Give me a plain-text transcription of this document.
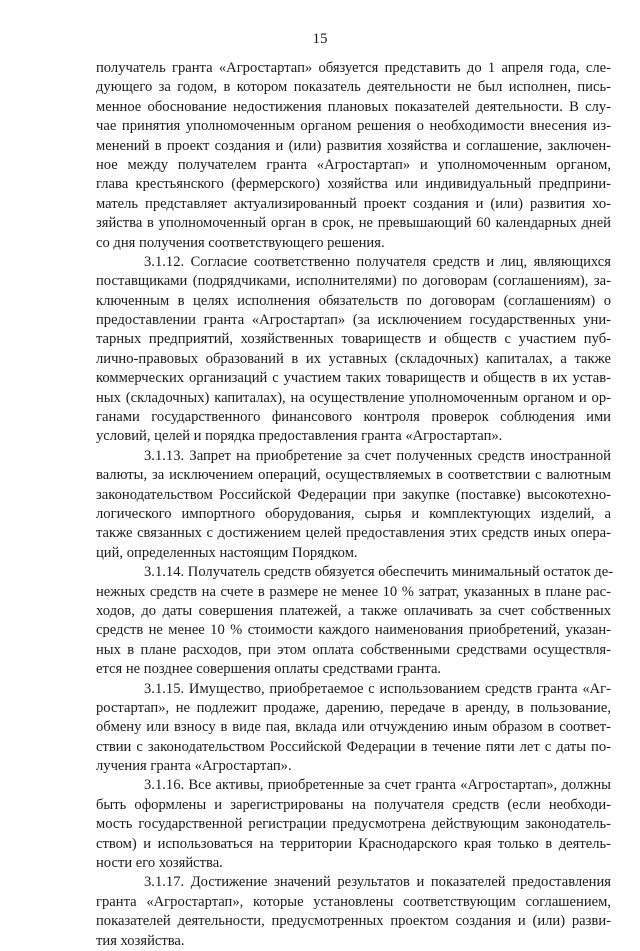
15
получатель гранта «Агростартап» обязуется представить до 1 апреля года, сле-
дующего за годом, в котором показатель деятельности не был исполнен, пись-
менное обоснование недостижения плановых показателей деятельности. В слу-
чае принятия уполномоченным органом решения о необходимости внесения из-
менений в проект создания и (или) развития хозяйства и соглашение, заключен-
ное между получателем гранта «Агростартап» и уполномоченным органом,
глава крестьянского (фермерского) хозяйства или индивидуальный предприни-
матель представляет актуализированный проект создания и (или) развития хо-
зяйства в уполномоченный орган в срок, не превышающий 60 календарных дней
со дня получения соответствующего решения.
3.1.12. Согласие соответственно получателя средств и лиц, являющихся
поставщиками (подрядчиками, исполнителями) по договорам (соглашениям), за-
ключенным в целях исполнения обязательств по договорам (соглашениям) о
предоставлении гранта «Агростартап» (за исключением государственных уни-
тарных предприятий, хозяйственных товариществ и обществ с участием пуб-
лично-правовых образований в их уставных (складочных) капиталах, а также
коммерческих организаций с участием таких товариществ и обществ в их устав-
ных (складочных) капиталах), на осуществление уполномоченным органом и ор-
ганами государственного финансового контроля проверок соблюдения ими
условий, целей и порядка предоставления гранта «Агростартап».
3.1.13. Запрет на приобретение за счет полученных средств иностранной
валюты, за исключением операций, осуществляемых в соответствии с валютным
законодательством Российской Федерации при закупке (поставке) высокотехно-
логического импортного оборудования, сырья и комплектующих изделий, а
также связанных с достижением целей предоставления этих средств иных опера-
ций, определенных настоящим Порядком.
3.1.14. Получатель средств обязуется обеспечить минимальный остаток де-
нежных средств на счете в размере не менее 10 % затрат, указанных в плане рас-
ходов, до даты совершения платежей, а также оплачивать за счет собственных
средств не менее 10 % стоимости каждого наименования приобретений, указан-
ных в плане расходов, при этом оплата собственными средствами осуществля-
ется не позднее совершения оплаты средствами гранта.
3.1.15. Имущество, приобретаемое с использованием средств гранта «Аг-
ростартап», не подлежит продаже, дарению, передаче в аренду, в пользование,
обмену или взносу в виде пая, вклада или отчуждению иным образом в соответ-
ствии с законодательством Российской Федерации в течение пяти лет с даты по-
лучения гранта «Агростартап».
3.1.16. Все активы, приобретенные за счет гранта «Агростартап», должны
быть оформлены и зарегистрированы на получателя средств (если необходи-
мость государственной регистрации предусмотрена действующим законодатель-
ством) и использоваться на территории Краснодарского края только в деятель-
ности его хозяйства.
3.1.17. Достижение значений результатов и показателей предоставления
гранта «Агростартап», которые установлены соответствующим соглашением,
показателей деятельности, предусмотренных проектом создания и (или) разви-
тия хозяйства.
